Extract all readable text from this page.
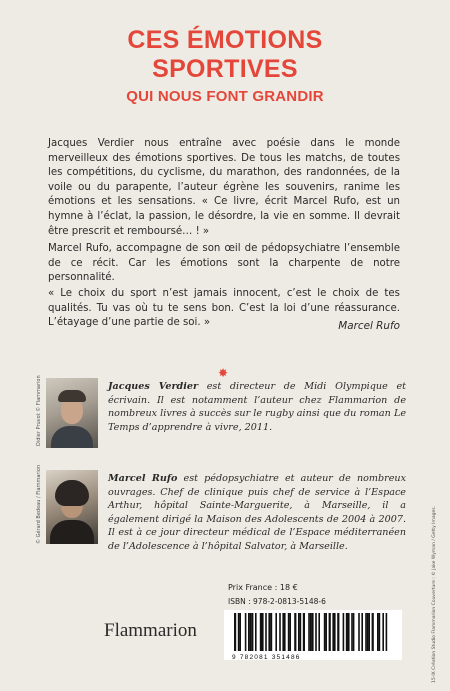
CES ÉMOTIONS
SPORTIVES
QUI NOUS FONT GRANDIR
Jacques Verdier nous entraîne avec poésie dans le monde merveilleux des émotions sportives. De tous les matchs, de toutes les compétitions, du cyclisme, du marathon, des randonnées, de la voile ou du parapente, l’auteur égrène les souvenirs, ranime les émotions et les sensations. « Ce livre, écrit Marcel Rufo, est un hymne à l’éclat, la passion, le désordre, la vie en somme. Il devrait être prescrit et remboursé… ! »
Marcel Rufo, accompagne de son œil de pédopsychiatre l’ensemble de ce récit. Car les émotions sont la charpente de notre personnalité.
« Le choix du sport n’est jamais innocent, c’est le choix de tes qualités. Tu vas où tu te sens bon. C’est la loi d’une réassurance. L’étayage d’une partie de soi. »	Marcel Rufo
✸
Didier Pruvot © Flammarion	Jacques Verdier est directeur de Midi Olympique et écrivain. Il est notamment l’auteur chez Flammarion de nombreux livres à succès sur le rugby ainsi que du roman Le Temps d’apprendre à vivre, 2011.
© Gérard Bedeau / Flammarion	Marcel Rufo est pédopsychiatre et auteur de nombreux ouvrages. Chef de clinique puis chef de service à l’Espace Arthur, hôpital Sainte-Marguerite, à Marseille, il a également dirigé la Maison des Adolescents de 2004 à 2007. Il est à ce jour directeur médical de l’Espace méditerranéen de l’Adolescence à l’hôpital Salvator, à Marseille.
Prix France : 18 €
ISBN : 978-2-0813-5148-6
Flammarion
9 782081 351486	15-IX Création Studio Flammarion Couverture : © Jake Wyman / Getty Images.
